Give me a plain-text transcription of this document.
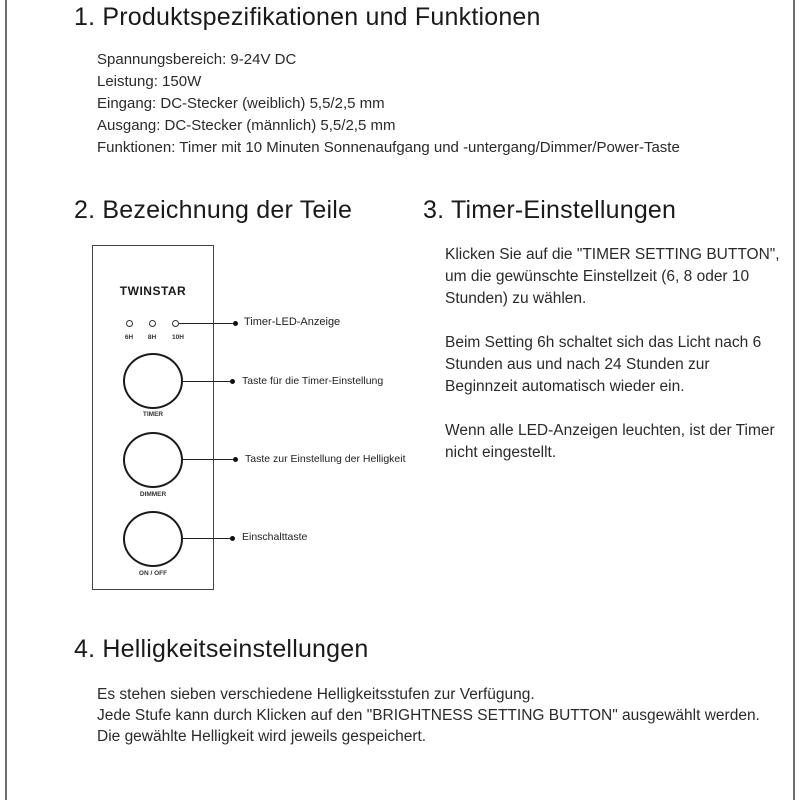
1. Produktspezifikationen und Funktionen
Spannungsbereich: 9-24V DC
Leistung: 150W
Eingang: DC-Stecker (weiblich) 5,5/2,5 mm
Ausgang: DC-Stecker (männlich) 5,5/2,5 mm
Funktionen: Timer mit 10 Minuten Sonnenaufgang und -untergang/Dimmer/Power-Taste
2. Bezeichnung der Teile
TWINSTAR
6H	8H	10H
TIMER
DIMMER
ON / OFF
Timer-LED-Anzeige
Taste für die Timer-Einstellung
Taste zur Einstellung der Helligkeit
Einschalttaste
3. Timer-Einstellungen

Klicken Sie auf die "TIMER SETTING BUTTON", um die gewünschte Einstellzeit (6, 8 oder 10 Stunden) zu wählen.

Beim Setting 6h schaltet sich das Licht nach 6 Stunden aus und nach 24 Stunden zur Beginnzeit automatisch wieder ein.

Wenn alle LED-Anzeigen leuchten, ist der Timer nicht eingestellt.

4. Helligkeitseinstellungen

Es stehen sieben verschiedene Helligkeitsstufen zur Verfügung.

Jede Stufe kann durch Klicken auf den "BRIGHTNESS SETTING BUTTON" ausgewählt werden. Die gewählte Helligkeit wird jeweils gespeichert.
